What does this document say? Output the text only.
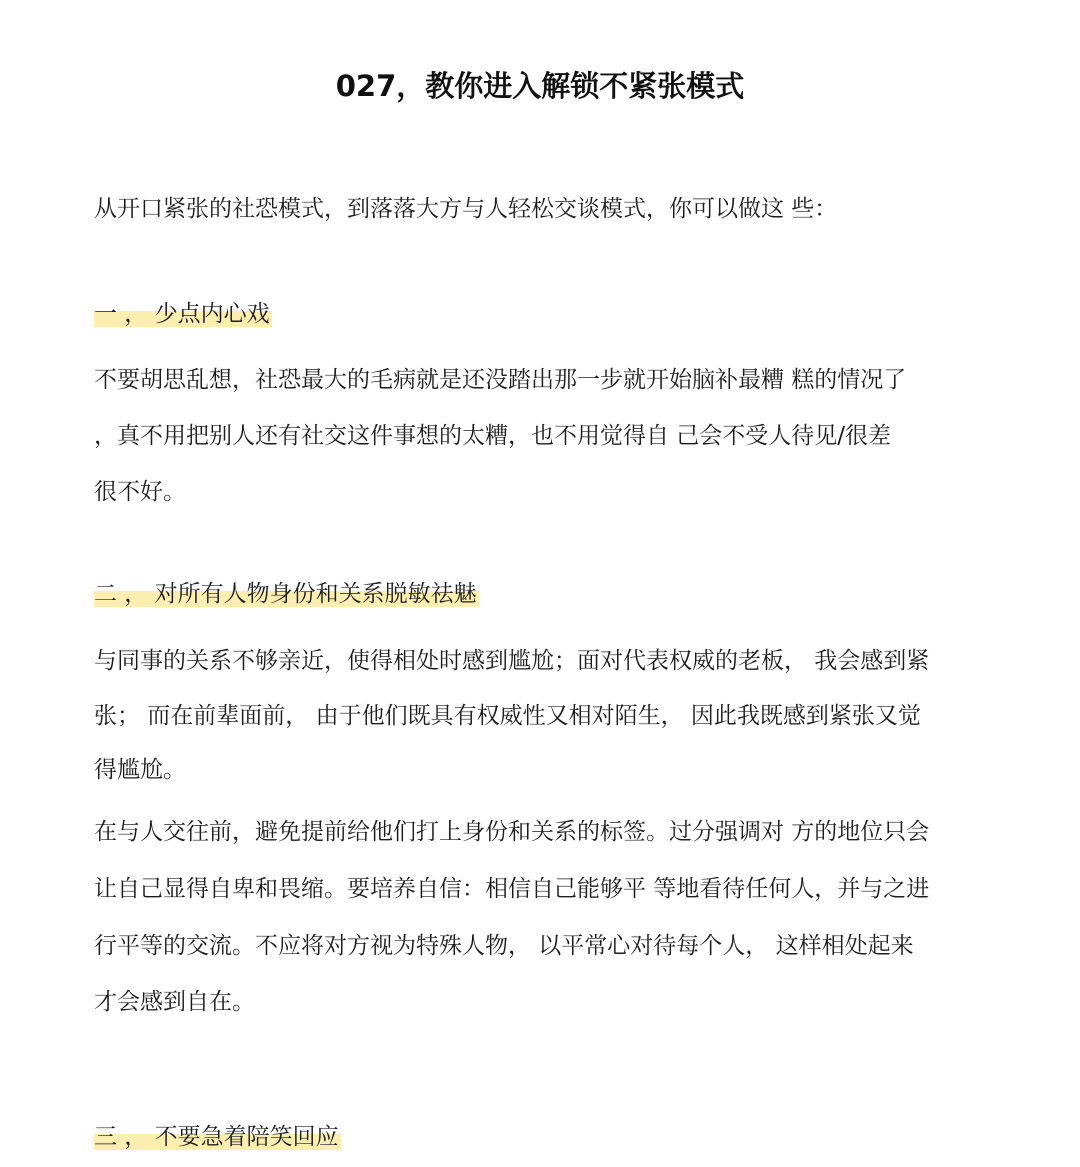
027，教你进入解锁不紧张模式
从开口紧张的社恐模式，到落落大方与人轻松交谈模式，你可以做这 些：
一 ， 少点内心戏
不要胡思乱想，社恐最大的毛病就是还没踏出那一步就开始脑补最糟 糕的情况了
，真不用把别人还有社交这件事想的太糟，也不用觉得自 己会不受人待见/很差
很不好。
二 ， 对所有人物身份和关系脱敏祛魅
与同事的关系不够亲近，使得相处时感到尴尬；面对代表权威的老板， 我会感到紧
张； 而在前辈面前， 由于他们既具有权威性又相对陌生， 因此我既感到紧张又觉
得尴尬。
在与人交往前，避免提前给他们打上身份和关系的标签。过分强调对 方的地位只会
让自己显得自卑和畏缩。要培养自信：相信自己能够平 等地看待任何人，并与之进
行平等的交流。不应将对方视为特殊人物， 以平常心对待每个人， 这样相处起来
才会感到自在。
三 ， 不要急着陪笑回应
